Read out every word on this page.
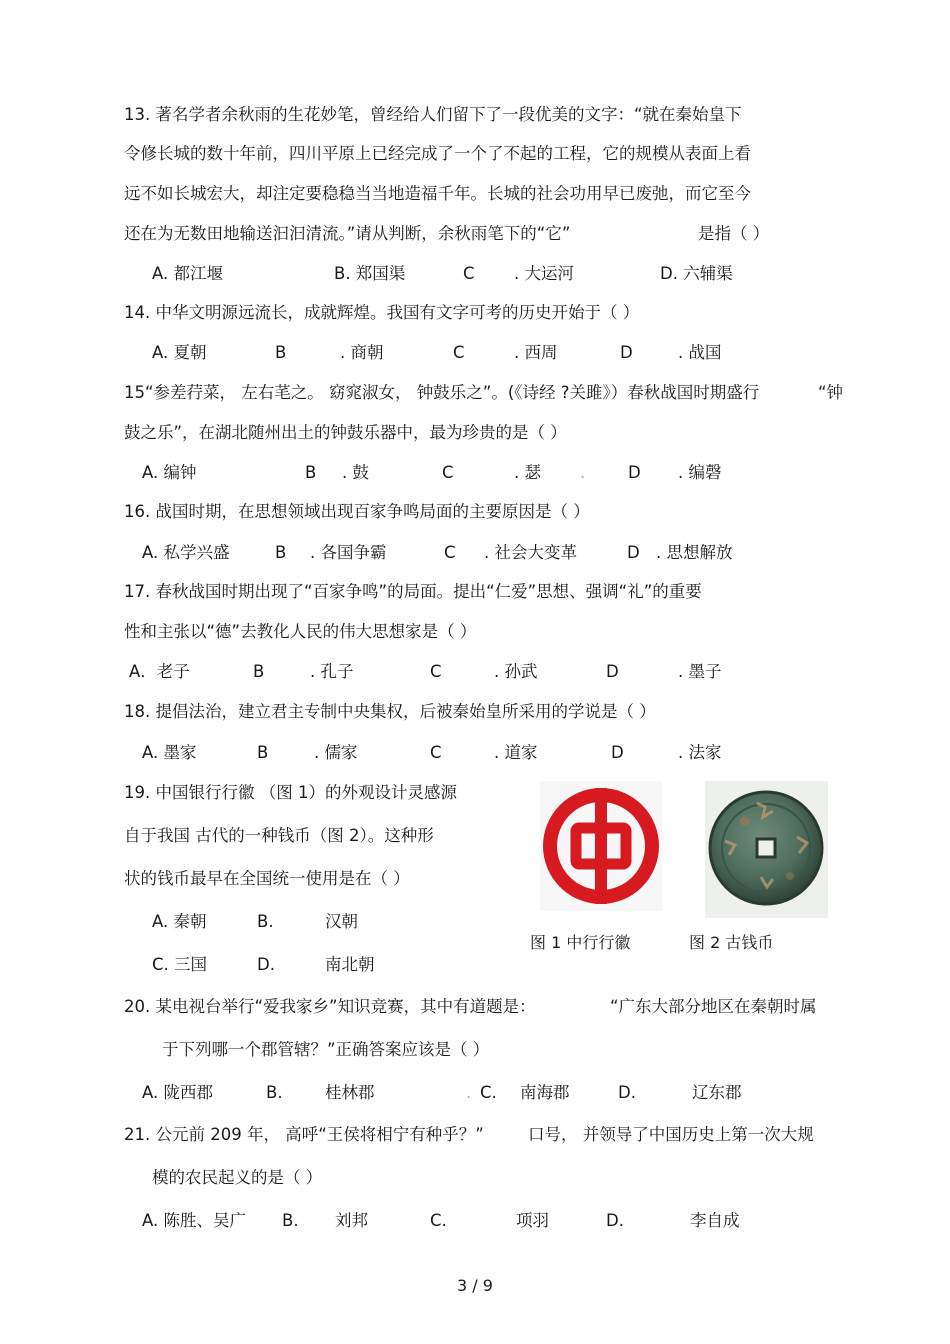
13. 著名学者余秋雨的生花妙笔，曾经给人们留下了一段优美的文字：“就在秦始皇下
令修长城的数十年前，四川平原上已经完成了一个了不起的工程，它的规模从表面上看
远不如长城宏大，却注定要稳稳当当地造福千年。长城的社会功用早已废弛，而它至今
还在为无数田地输送汩汩清流。”请从判断，余秋雨笔下的“它”	是指（ ）
A. 都江堰	B. 郑国渠	C . 大运河	D. 六辅渠
14. 中华文明源远流长，成就辉煌。我国有文字可考的历史开始于（ ）
A. 夏朝	B	. 商朝	C	. 西周	D	. 战国
15“参差荇菜， 左右芼之。 窈窕淑女， 钟鼓乐之”。(《诗经 ?关雎》）春秋战国时期盛行	“钟
鼓之乐”，在湖北随州出土的钟鼓乐器中，最为珍贵的是（ ）
A. 编钟	B . 鼓	C	. 瑟 .	D . 编磬
16. 战国时期，在思想领域出现百家争鸣局面的主要原因是（ ）
A. 私学兴盛	B . 各国争霸	C . 社会大变革	D . 思想解放
17. 春秋战国时期出现了“百家争鸣”的局面。提出“仁爱”思想、强调“礼”的重要
性和主张以“德”去教化人民的伟大思想家是（ ）
A．老子	B	. 孔子	C	. 孙武	D	. 墨子
18. 提倡法治，建立君主专制中央集权，后被秦始皇所采用的学说是（ ）
A. 墨家	B	. 儒家	C	. 道家	D	. 法家
19. 中国银行行徽 （图 1）的外观设计灵感源
自于我国 古代的一种钱币（图 2）。这种形
状的钱币最早在全国统一使用是在（ ）
A. 秦朝	B.	汉朝
C. 三国	D.	南北朝
图 1 中行行徽	图 2 古钱币
20. 某电视台举行“爱我家乡”知识竞赛，其中有道题是：	“广东大部分地区在秦朝时属
于下列哪一个郡管辖？”正确答案应该是（ ）
A. 陇西郡	B.	桂林郡	. C. 南海郡	D.	辽东郡
21. 公元前 209 年， 高呼“王侯将相宁有种乎？”	口号， 并领导了中国历史上第一次大规
模的农民起义的是（ ）
A. 陈胜、吴广 B. 刘邦	C.	项羽	D.	李自成
3 / 9
